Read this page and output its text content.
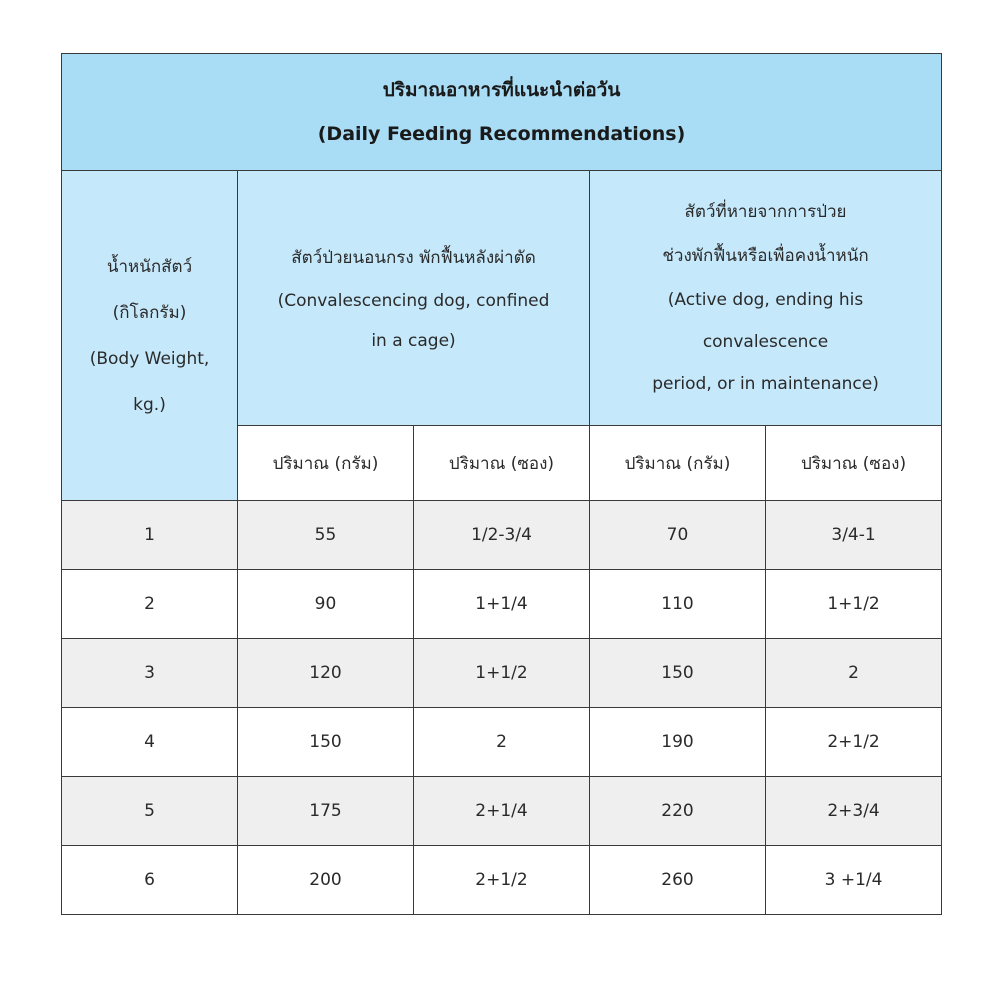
ปริมาณอาหารที่แนะนำต่อวัน
(Daily Feeding Recommendations)				

น้ำหนักสัตว์
(กิโลกรัม)
(Body Weight,
kg.)	สัตว์ป่วยนอนกรง พักฟื้นหลังผ่าตัด
(Convalescencing dog, confined
in a cage)		สัตว์ที่หายจากการป่วย
ช่วงพักฟื้นหรือเพื่อคงน้ำหนัก
(Active dog, ending his
convalescence
period, or in maintenance)	

	ปริมาณ (กรัม)	ปริมาณ (ซอง)	ปริมาณ (กรัม)	ปริมาณ (ซอง)
1	55	1/2-3/4	70	3/4-1
2	90	1+1/4	110	1+1/2
3	120	1+1/2	150	2
4	150	2	190	2+1/2
5	175	2+1/4	220	2+3/4
6	200	2+1/2	260	3 +1/4
